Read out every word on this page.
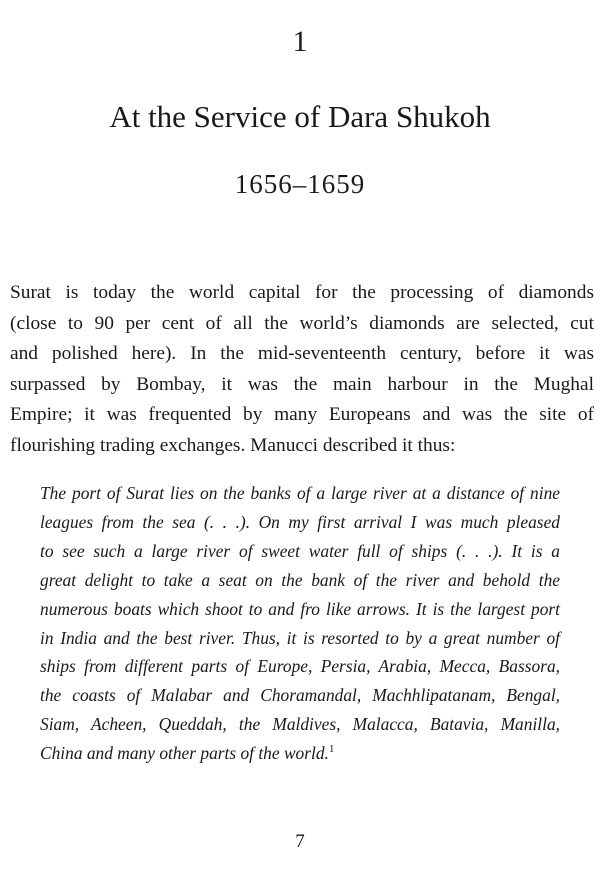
1
At the Service of Dara Shukoh
1656–1659

Surat is today the world capital for the processing of diamonds
(close to 90 per cent of all the world’s diamonds are selected, cut
and polished here). In the mid-seventeenth century, before it was
surpassed by Bombay, it was the main harbour in the Mughal
Empire; it was frequented by many Europeans and was the site of
flourishing trading exchanges. Manucci described it thus:

The port of Surat lies on the banks of a large river at a distance of nine
leagues from the sea (. . .). On my first arrival I was much pleased
to see such a large river of sweet water full of ships (. . .). It is a
great delight to take a seat on the bank of the river and behold the
numerous boats which shoot to and fro like arrows. It is the largest port
in India and the best river. Thus, it is resorted to by a great number of
ships from different parts of Europe, Persia, Arabia, Mecca, Bassora,
the coasts of Malabar and Choramandal, Machhlipatanam, Bengal,
Siam, Acheen, Queddah, the Maldives, Malacca, Batavia, Manilla,
China and many other parts of the world.$^1$
7
